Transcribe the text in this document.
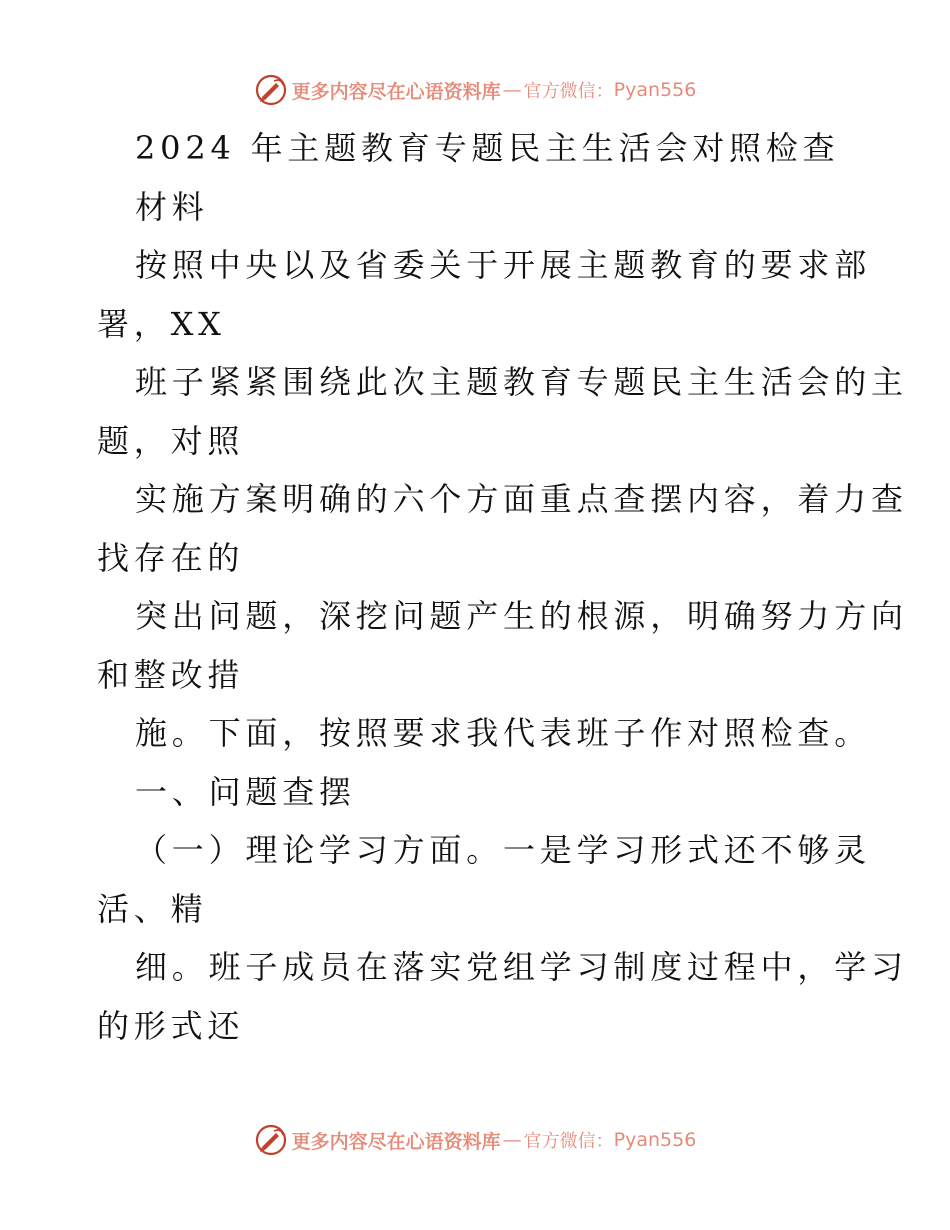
更多内容尽在心语资料库 — 官方微信： Pyan556
2024 年主题教育专题民主生活会对照检查
材料
按照中央以及省委关于开展主题教育的要求部
署，XX
班子紧紧围绕此次主题教育专题民主生活会的主
题，对照
实施方案明确的六个方面重点查摆内容，着力查
找存在的
突出问题，深挖问题产生的根源，明确努力方向
和整改措
施。下面，按照要求我代表班子作对照检查。
一、问题查摆
（一）理论学习方面。一是学习形式还不够灵
活、精
细。班子成员在落实党组学习制度过程中，学习
的形式还
更多内容尽在心语资料库 — 官方微信： Pyan556
